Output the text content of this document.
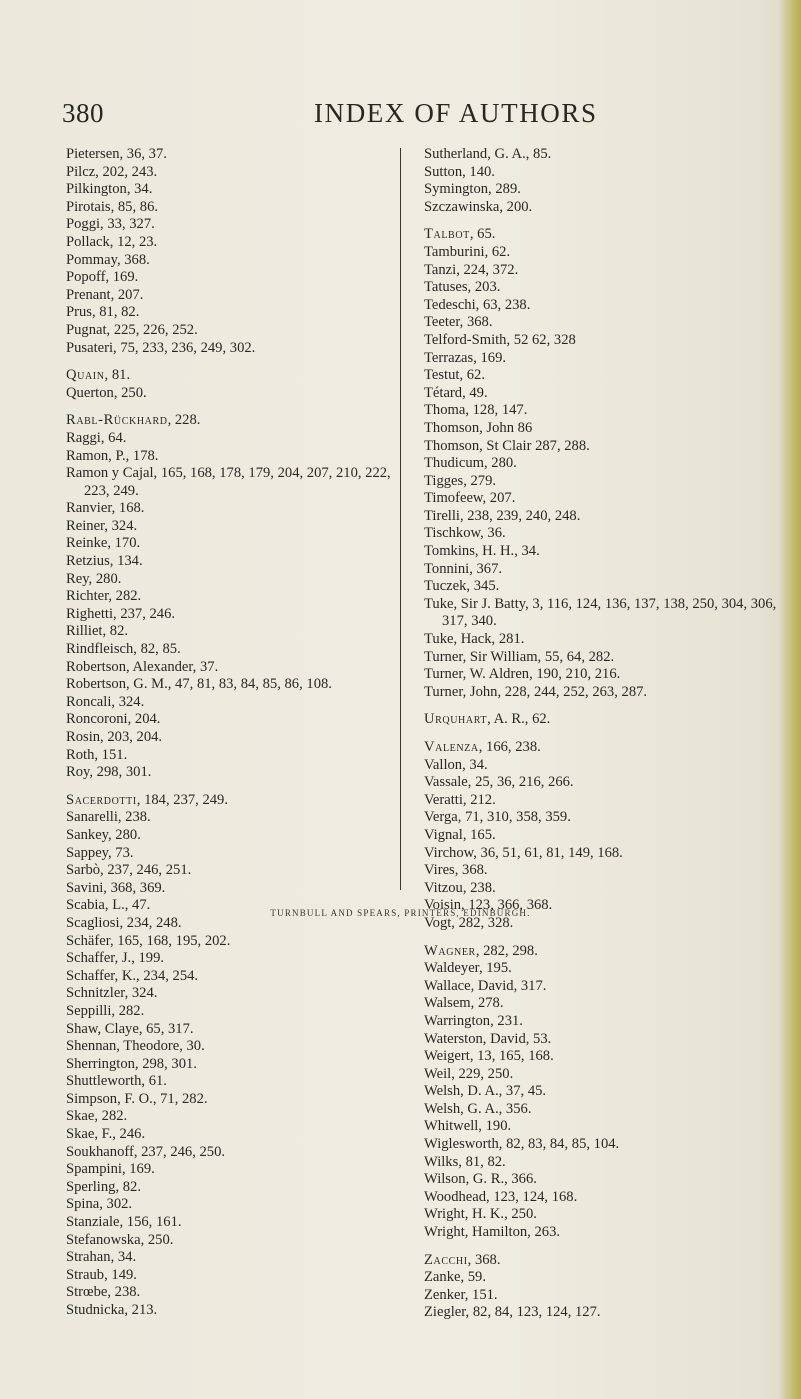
380	INDEX OF AUTHORS
Pietersen, 36, 37.
Pilcz, 202, 243.
Pilkington, 34.
Pirotais, 85, 86.
Poggi, 33, 327.
Pollack, 12, 23.
Pommay, 368.
Popoff, 169.
Prenant, 207.
Prus, 81, 82.
Pugnat, 225, 226, 252.
Pusateri, 75, 233, 236, 249, 302.
Quain, 81.
Querton, 250.
Rabl-Rückhard, 228.
Raggi, 64.
Ramon, P., 178.
Ramon y Cajal, 165, 168, 178, 179, 204, 207, 210, 222, 223, 249.
Ranvier, 168.
Reiner, 324.
Reinke, 170.
Retzius, 134.
Rey, 280.
Richter, 282.
Righetti, 237, 246.
Rilliet, 82.
Rindfleisch, 82, 85.
Robertson, Alexander, 37.
Robertson, G. M., 47, 81, 83, 84, 85, 86, 108.
Roncali, 324.
Roncoroni, 204.
Rosin, 203, 204.
Roth, 151.
Roy, 298, 301.
Sacerdotti, 184, 237, 249.
Sanarelli, 238.
Sankey, 280.
Sappey, 73.
Sarbò, 237, 246, 251.
Savini, 368, 369.
Scabia, L., 47.
Scagliosi, 234, 248.
Schäfer, 165, 168, 195, 202.
Schaffer, J., 199.
Schaffer, K., 234, 254.
Schnitzler, 324.
Seppilli, 282.
Shaw, Claye, 65, 317.
Shennan, Theodore, 30.
Sherrington, 298, 301.
Shuttleworth, 61.
Simpson, F. O., 71, 282.
Skae, 282.
Skae, F., 246.
Soukhanoff, 237, 246, 250.
Spampini, 169.
Sperling, 82.
Spina, 302.
Stanziale, 156, 161.
Stefanowska, 250.
Strahan, 34.
Straub, 149.
Strœbe, 238.
Studnicka, 213.
Sutherland, G. A., 85.
Sutton, 140.
Symington, 289.
Szczawinska, 200.
Talbot, 65.
Tamburini, 62.
Tanzi, 224, 372.
Tatuses, 203.
Tedeschi, 63, 238.
Teeter, 368.
Telford-Smith, 52 62, 328
Terrazas, 169.
Testut, 62.
Tétard, 49.
Thoma, 128, 147.
Thomson, John 86
Thomson, St Clair 287, 288.
Thudicum, 280.
Tigges, 279.
Timofeew, 207.
Tirelli, 238, 239, 240, 248.
Tischkow, 36.
Tomkins, H. H., 34.
Tonnini, 367.
Tuczek, 345.
Tuke, Sir J. Batty, 3, 116, 124, 136, 137, 138, 250, 304, 306, 317, 340.
Tuke, Hack, 281.
Turner, Sir William, 55, 64, 282.
Turner, W. Aldren, 190, 210, 216.
Turner, John, 228, 244, 252, 263, 287.
Urquhart, A. R., 62.
Valenza, 166, 238.
Vallon, 34.
Vassale, 25, 36, 216, 266.
Veratti, 212.
Verga, 71, 310, 358, 359.
Vignal, 165.
Virchow, 36, 51, 61, 81, 149, 168.
Vires, 368.
Vitzou, 238.
Voisin, 123, 366, 368.
Vogt, 282, 328.
Wagner, 282, 298.
Waldeyer, 195.
Wallace, David, 317.
Walsem, 278.
Warrington, 231.
Waterston, David, 53.
Weigert, 13, 165, 168.
Weil, 229, 250.
Welsh, D. A., 37, 45.
Welsh, G. A., 356.
Whitwell, 190.
Wiglesworth, 82, 83, 84, 85, 104.
Wilks, 81, 82.
Wilson, G. R., 366.
Woodhead, 123, 124, 168.
Wright, H. K., 250.
Wright, Hamilton, 263.
Zacchi, 368.
Zanke, 59.
Zenker, 151.
Ziegler, 82, 84, 123, 124, 127.
TURNBULL AND SPEARS, PRINTERS, EDINBURGH.
